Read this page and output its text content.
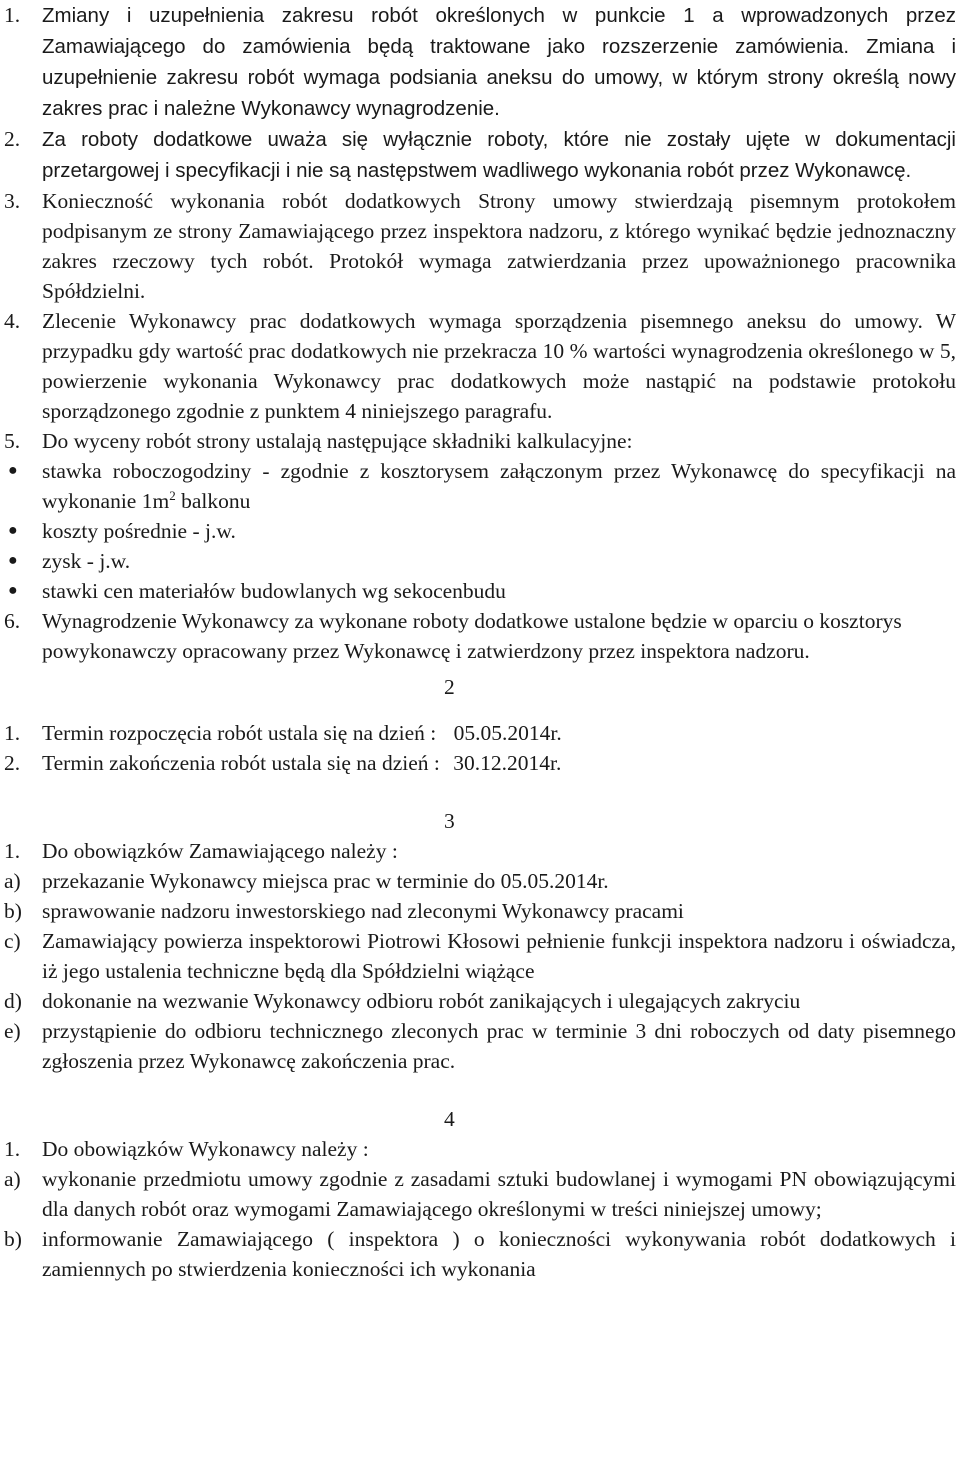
1. Zmiany i uzupełnienia zakresu robót określonych w punkcie 1 a wprowadzonych przez Zamawiającego do zamówienia będą traktowane jako rozszerzenie zamówienia. Zmiana i uzupełnienie zakresu robót wymaga podsiania aneksu do umowy, w którym strony określą nowy zakres prac i należne Wykonawcy wynagrodzenie.
2. Za roboty dodatkowe uważa się wyłącznie roboty, które nie zostały ujęte w dokumentacji przetargowej i specyfikacji i nie są następstwem wadliwego wykonania robót przez Wykonawcę.
3. Konieczność wykonania robót dodatkowych Strony umowy stwierdzają pisemnym protokołem podpisanym ze strony Zamawiającego przez inspektora nadzoru, z którego wynikać będzie jednoznaczny zakres rzeczowy tych robót. Protokół wymaga zatwierdzania przez upoważnionego pracownika Spółdzielni.
4. Zlecenie Wykonawcy prac dodatkowych wymaga sporządzenia pisemnego aneksu do umowy. W przypadku gdy wartość prac dodatkowych nie przekracza 10 % wartości wynagrodzenia określonego w 5, powierzenie wykonania Wykonawcy prac dodatkowych może nastąpić na podstawie protokołu sporządzonego zgodnie z punktem 4 niniejszego paragrafu.
5. Do wyceny robót strony ustalają następujące składniki kalkulacyjne:
● stawka roboczogodziny - zgodnie z kosztorysem załączonym przez Wykonawcę do specyfikacji na wykonanie $1m^2$ balkonu
● koszty pośrednie - j.w.
● zysk - j.w.
● stawki cen materiałów budowlanych wg sekocenbudu
6. Wynagrodzenie Wykonawcy za wykonane roboty dodatkowe ustalone będzie w oparciu o kosztorys powykonawczy opracowany przez Wykonawcę i zatwierdzony przez inspektora nadzoru.
2
1. Termin rozpoczęcia robót ustala się na dzień : 05.05.2014r.
2. Termin zakończenia robót ustala się na dzień : 30.12.2014r.
3
1. Do obowiązków Zamawiającego należy :
a) przekazanie Wykonawcy miejsca prac w terminie do 05.05.2014r.
b) sprawowanie nadzoru inwestorskiego nad zleconymi Wykonawcy pracami
c) Zamawiający powierza inspektorowi Piotrowi Kłosowi pełnienie funkcji inspektora nadzoru i oświadcza, iż jego ustalenia techniczne będą dla Spółdzielni wiążące
d) dokonanie na wezwanie Wykonawcy odbioru robót zanikających i ulegających zakryciu
e) przystąpienie do odbioru technicznego zleconych prac w terminie 3 dni roboczych od daty pisemnego zgłoszenia przez Wykonawcę zakończenia prac.
4
1. Do obowiązków Wykonawcy należy :
a) wykonanie przedmiotu umowy zgodnie z zasadami sztuki budowlanej i wymogami PN obowiązującymi dla danych robót oraz wymogami Zamawiającego określonymi w treści niniejszej umowy;
b) informowanie Zamawiającego ( inspektora ) o konieczności wykonywania robót dodatkowych i zamiennych po stwierdzenia konieczności ich wykonania
